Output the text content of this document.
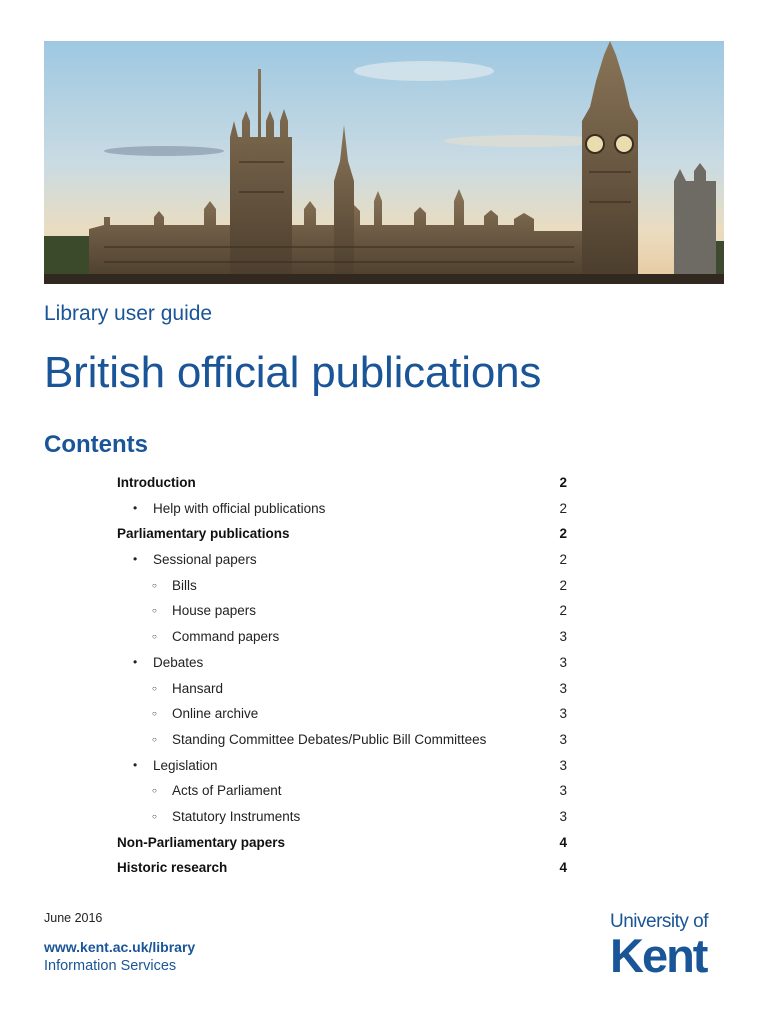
Library user guide
British official publications
Contents
Introduction	2
• Help with official publications	2
Parliamentary publications	2
• Sessional papers	2
○ Bills	2
○ House papers	2
○ Command papers	3
• Debates	3
○ Hansard	3
○ Online archive	3
○ Standing Committee Debates/Public Bill Committees	3
• Legislation	3
○ Acts of Parliament	3
○ Statutory Instruments	3
Non-Parliamentary papers	4
Historic research	4
June 2016
www.kent.ac.uk/library
Information Services
University of
Kent
